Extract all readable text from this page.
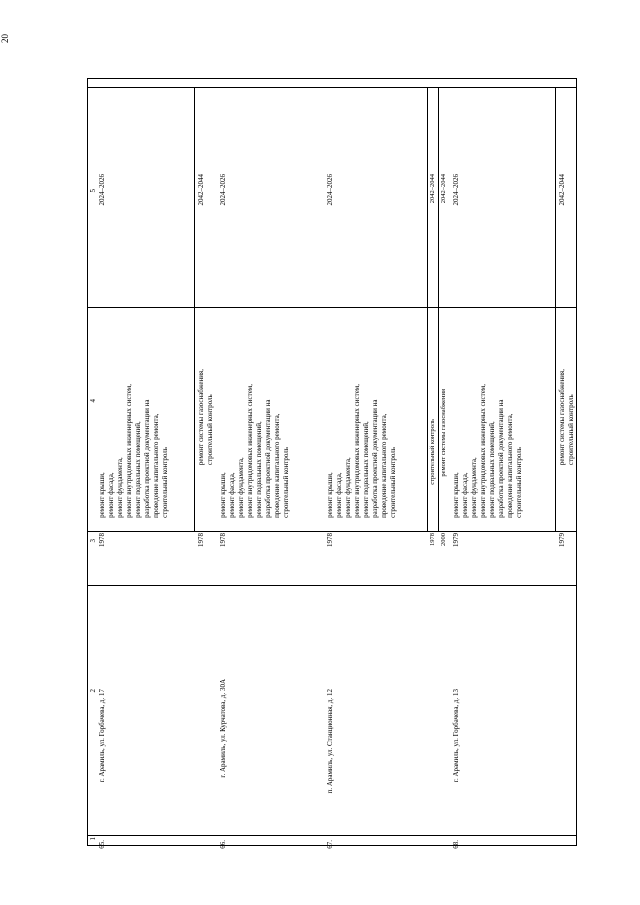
20
1
2
3
4
5
65.
г. Арамиль, ул. Горбачева, д. 17
1978
ремонт крыши,
ремонт фасада,
ремонт фундамента,
ремонт внутридомовых инженерных систем,
ремонт подвальных помещений,
разработка проектной документации на
проведение капитального ремонта,
строительный контроль
2024–2026
1978
ремонт системы газоснабжения,
строительный контроль
2042–2044
66.
г. Арамиль, ул. Курчатова, д. 30А
1978
ремонт крыши,
ремонт фасада,
ремонт фундамента,
ремонт внутридомовых инженерных систем,
ремонт подвальных помещений,
разработка проектной документации на
проведение капитального ремонта,
строительный контроль
2024–2026
67.
п. Арамиль, ул. Станционная, д. 12
1978
ремонт крыши,
ремонт фасада,
ремонт фундамента,
ремонт внутридомовых инженерных систем,
ремонт подвальных помещений,
разработка проектной документации на
проведение капитального ремонта,
строительный контроль
2024–2026
1978
строительный контроль
2042–2044
2000
ремонт системы газоснабжения
2042–2044
68.
г. Арамиль, ул. Горбачева, д. 13
1979
ремонт крыши,
ремонт фасада,
ремонт фундамента,
ремонт внутридомовых инженерных систем,
ремонт подвальных помещений,
разработка проектной документации на
проведение капитального ремонта,
строительный контроль
2024–2026
1979
ремонт системы газоснабжения,
строительный контроль
2042–2044
